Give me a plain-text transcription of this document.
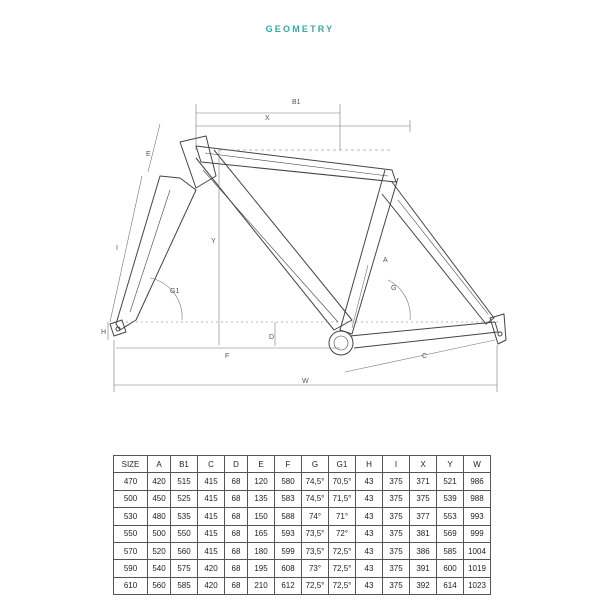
GEOMETRY
B1
X
E
Y
I
G1
H
D
F
W
A
G
C
SIZE	A	B1	C	D	E	F	G	G1	H	I	X	Y	W
470	420	515	415	68	120	580	74,5°	70,5°	43	375	371	521	986
500	450	525	415	68	135	583	74,5°	71,5°	43	375	375	539	988
530	480	535	415	68	150	588	74°	71°	43	375	377	553	993
550	500	550	415	68	165	593	73,5°	72°	43	375	381	569	999
570	520	560	415	68	180	599	73,5°	72,5°	43	375	386	585	1004
590	540	575	420	68	195	608	73°	72,5°	43	375	391	600	1019
610	560	585	420	68	210	612	72,5°	72,5°	43	375	392	614	1023
